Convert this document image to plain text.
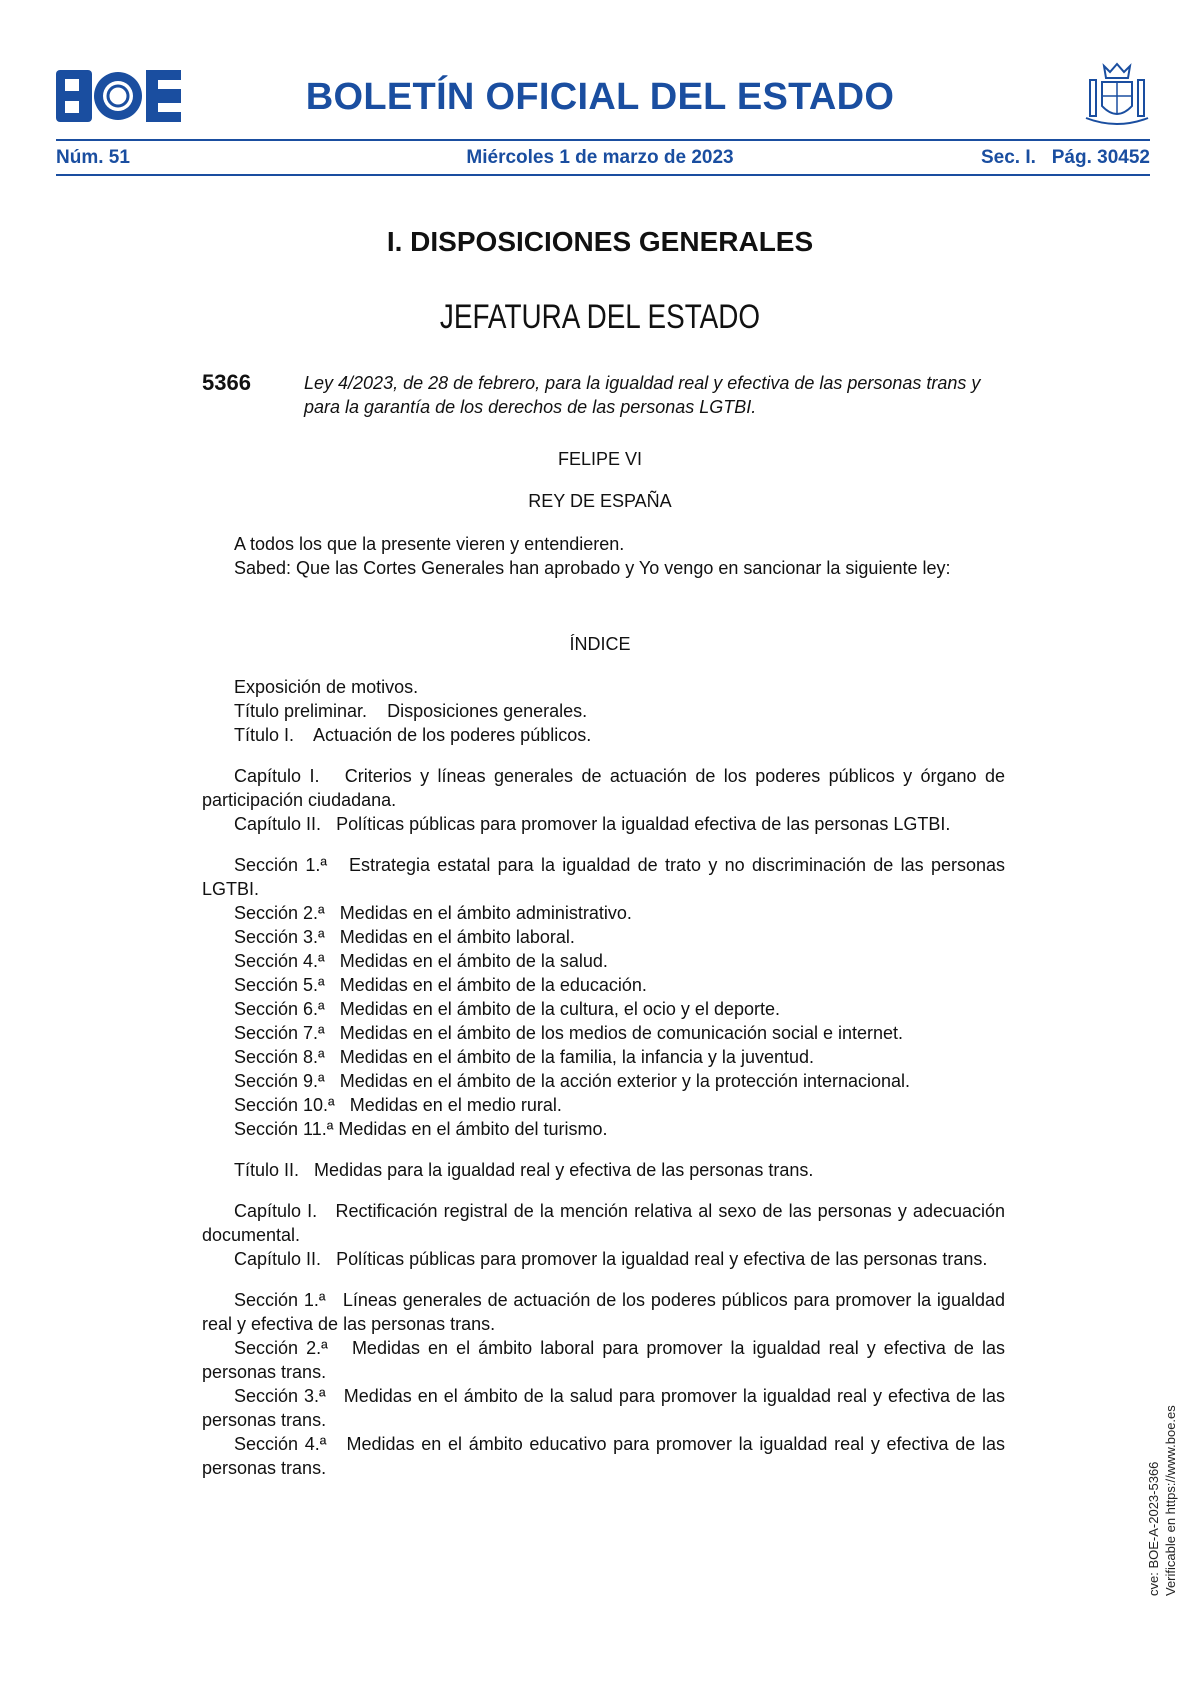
BOLETÍN OFICIAL DEL ESTADO
Núm. 51	Miércoles 1 de marzo de 2023	Sec. I.   Pág. 30452
I. DISPOSICIONES GENERALES
JEFATURA DEL ESTADO
5366	Ley 4/2023, de 28 de febrero, para la igualdad real y efectiva de las personas trans y para la garantía de los derechos de las personas LGTBI.
FELIPE VI
REY DE ESPAÑA

A todos los que la presente vieren y entendieren.

Sabed: Que las Cortes Generales han aprobado y Yo vengo en sancionar la siguiente ley:

ÍNDICE
Exposición de motivos.
Título preliminar. Disposiciones generales.
Título I. Actuación de los poderes públicos.
Capítulo I. Criterios y líneas generales de actuación de los poderes públicos y órgano de participación ciudadana.
Capítulo II. Políticas públicas para promover la igualdad efectiva de las personas LGTBI.
Sección 1.ª Estrategia estatal para la igualdad de trato y no discriminación de las personas LGTBI.
Sección 2.ª Medidas en el ámbito administrativo.
Sección 3.ª Medidas en el ámbito laboral.
Sección 4.ª Medidas en el ámbito de la salud.
Sección 5.ª Medidas en el ámbito de la educación.
Sección 6.ª Medidas en el ámbito de la cultura, el ocio y el deporte.
Sección 7.ª Medidas en el ámbito de los medios de comunicación social e internet.
Sección 8.ª Medidas en el ámbito de la familia, la infancia y la juventud.
Sección 9.ª Medidas en el ámbito de la acción exterior y la protección internacional.
Sección 10.ª Medidas en el medio rural.
Sección 11.ª Medidas en el ámbito del turismo.
Título II. Medidas para la igualdad real y efectiva de las personas trans.
Capítulo I. Rectificación registral de la mención relativa al sexo de las personas y adecuación documental.
Capítulo II. Políticas públicas para promover la igualdad real y efectiva de las personas trans.
Sección 1.ª Líneas generales de actuación de los poderes públicos para promover la igualdad real y efectiva de las personas trans.
Sección 2.ª Medidas en el ámbito laboral para promover la igualdad real y efectiva de las personas trans.
Sección 3.ª Medidas en el ámbito de la salud para promover la igualdad real y efectiva de las personas trans.
Sección 4.ª Medidas en el ámbito educativo para promover la igualdad real y efectiva de las personas trans.	cve: BOE-A-2023-5366 Verificable en https://www.boe.es
